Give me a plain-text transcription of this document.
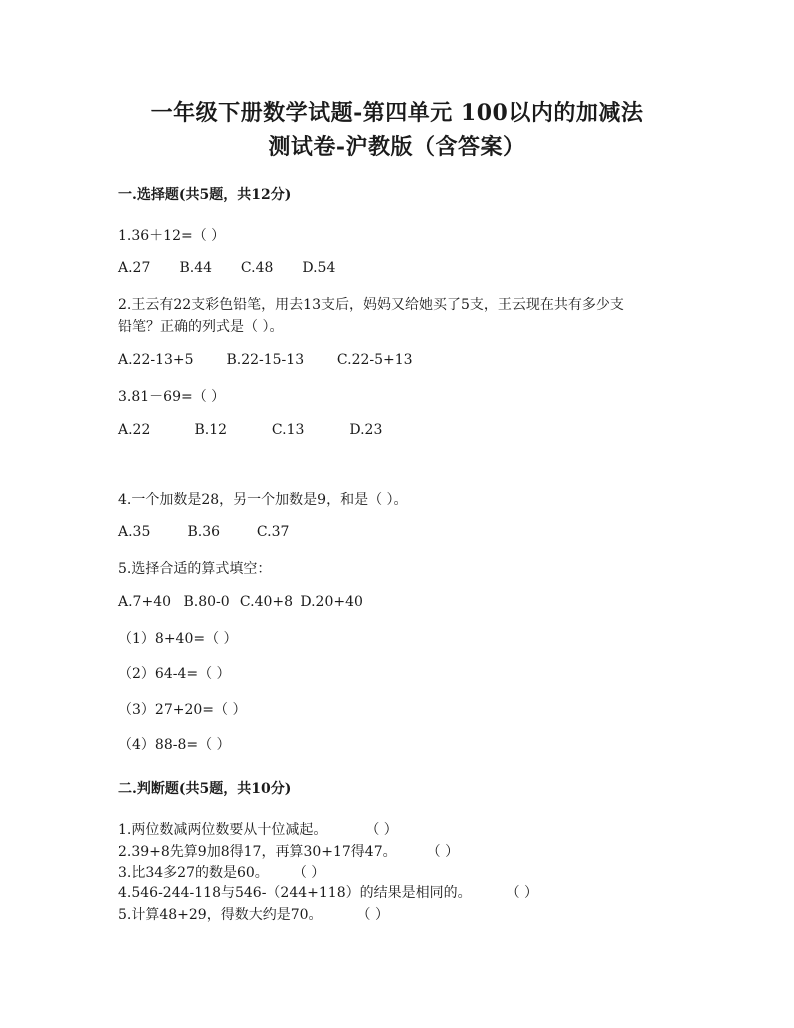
一年级下册数学试题-第四单元 100以内的加减法
测试卷-沪教版（含答案）
一.选择题(共5题，共12分)
1.36＋12=（ ）
A.27 B.44 C.48 D.54
2.王云有22支彩色铅笔，用去13支后，妈妈又给她买了5支，王云现在共有多少支
铅笔？正确的列式是（ ）。
A.22-13+5 B.22-15-13 C.22-5+13
3.81－69=（ ）
A.22	B.12	C.13	D.23
4.一个加数是28，另一个加数是9，和是（ ）。
A.35	B.36	C.37
5.选择合适的算式填空：
A.7+40 B.80-0 C.40+8 D.20+40
（1）8+40=（ ）
（2）64-4=（ ）
（3）27+20=（ ）
（4）88-8=（ ）
二.判断题(共5题，共10分)
1.两位数减两位数要从十位减起。	（ ）
2.39+8先算9加8得17，再算30+17得47。 （ ）
3.比34多27的数是60。 （ ）
4.546-244-118与546-（244+118）的结果是相同的。 （ ）
5.计算48+29，得数大约是70。 （ ）
